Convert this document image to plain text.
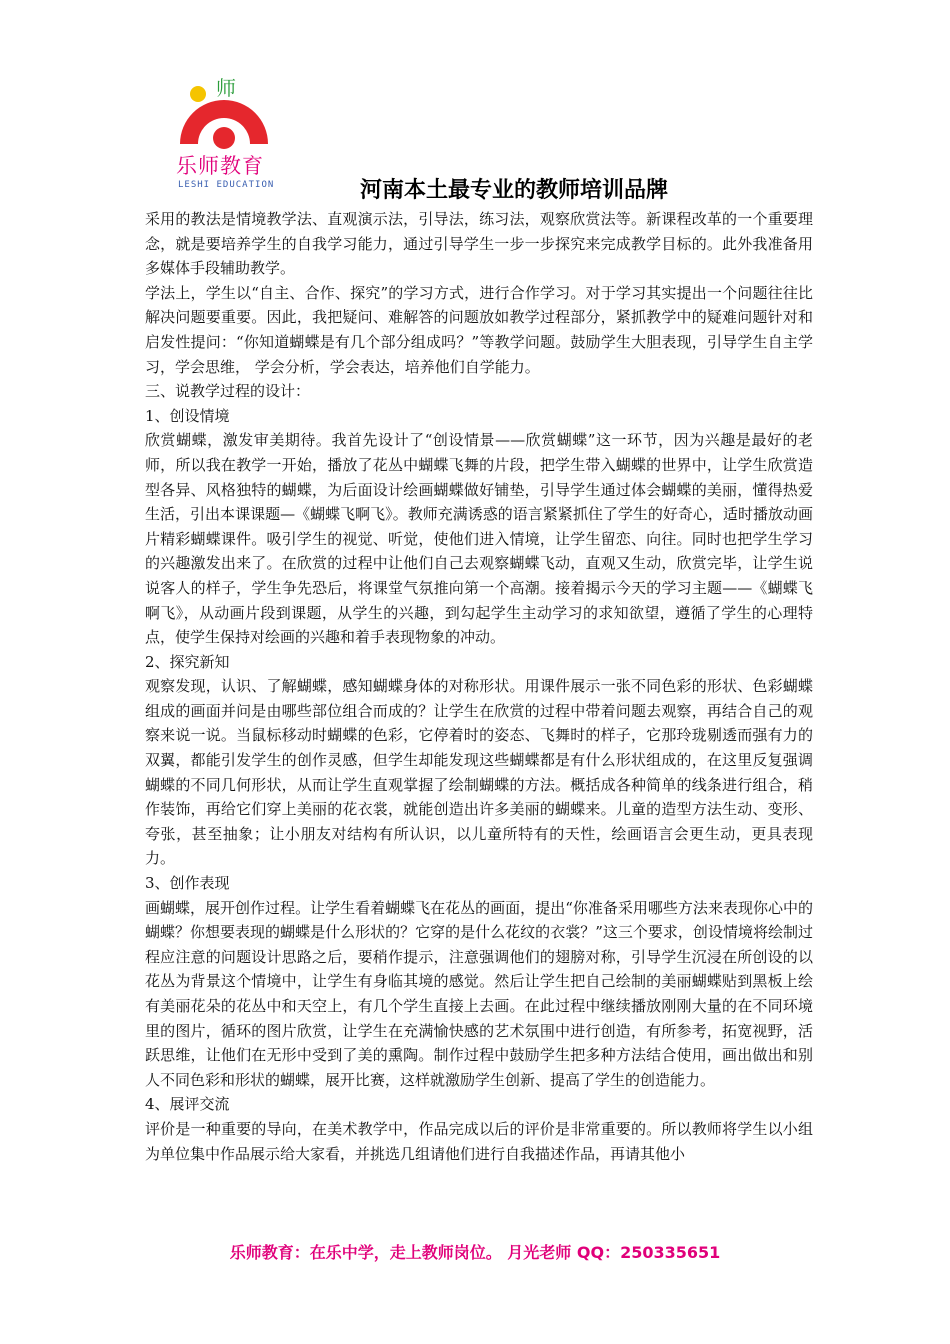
师
乐师教育
LESHI EDUCATION	河南本土最专业的教师培训品牌

采用的教法是情境教学法、直观演示法，引导法，练习法，观察欣赏法等。新课程改革的一个重要理念，就是要培养学生的自我学习能力，通过引导学生一步一步探究来完成教学目标的。此外我准备用多媒体手段辅助教学。

学法上，学生以“自主、合作、探究”的学习方式，进行合作学习。对于学习其实提出一个问题往往比解决问题要重要。因此，我把疑问、难解答的问题放如教学过程部分，紧抓教学中的疑难问题针对和启发性提问：“你知道蝴蝶是有几个部分组成吗？”等教学问题。鼓励学生大胆表现，引导学生自主学习，学会思维， 学会分析，学会表达，培养他们自学能力。

三、说教学过程的设计：

1、创设情境

欣赏蝴蝶，激发审美期待。我首先设计了“创设情景——欣赏蝴蝶”这一环节，因为兴趣是最好的老师，所以我在教学一开始，播放了花丛中蝴蝶飞舞的片段，把学生带入蝴蝶的世界中，让学生欣赏造型各异、风格独特的蝴蝶，为后面设计绘画蝴蝶做好铺垫，引导学生通过体会蝴蝶的美丽，懂得热爱生活，引出本课课题—《蝴蝶飞啊飞》。教师充满诱惑的语言紧紧抓住了学生的好奇心，适时播放动画片精彩蝴蝶课件。吸引学生的视觉、听觉，使他们进入情境，让学生留恋、向往。同时也把学生学习的兴趣激发出来了。在欣赏的过程中让他们自己去观察蝴蝶飞动，直观又生动，欣赏完毕，让学生说说客人的样子，学生争先恐后，将课堂气氛推向第一个高潮。接着揭示今天的学习主题——《蝴蝶飞啊飞》，从动画片段到课题，从学生的兴趣，到勾起学生主动学习的求知欲望，遵循了学生的心理特点，使学生保持对绘画的兴趣和着手表现物象的冲动。

2、探究新知

观察发现，认识、了解蝴蝶，感知蝴蝶身体的对称形状。用课件展示一张不同色彩的形状、色彩蝴蝶组成的画面并问是由哪些部位组合而成的？让学生在欣赏的过程中带着问题去观察，再结合自己的观察来说一说。当鼠标移动时蝴蝶的色彩，它停着时的姿态、飞舞时的样子，它那玲珑剔透而强有力的双翼，都能引发学生的创作灵感，但学生却能发现这些蝴蝶都是有什么形状组成的，在这里反复强调蝴蝶的不同几何形状，从而让学生直观掌握了绘制蝴蝶的方法。概括成各种简单的线条进行组合，稍作装饰，再给它们穿上美丽的花衣裳，就能创造出许多美丽的蝴蝶来。儿童的造型方法生动、变形、夸张，甚至抽象；让小朋友对结构有所认识，以儿童所特有的天性，绘画语言会更生动，更具表现力。

3、创作表现

画蝴蝶，展开创作过程。让学生看着蝴蝶飞在花丛的画面，提出“你准备采用哪些方法来表现你心中的蝴蝶？你想要表现的蝴蝶是什么形状的？它穿的是什么花纹的衣裳？”这三个要求，创设情境将绘制过程应注意的问题设计思路之后，要稍作提示，注意强调他们的翅膀对称，引导学生沉浸在所创设的以花丛为背景这个情境中，让学生有身临其境的感觉。然后让学生把自己绘制的美丽蝴蝶贴到黑板上绘有美丽花朵的花丛中和天空上，有几个学生直接上去画。在此过程中继续播放刚刚大量的在不同环境里的图片，循环的图片欣赏，让学生在充满愉快感的艺术氛围中进行创造，有所参考，拓宽视野，活跃思维，让他们在无形中受到了美的熏陶。制作过程中鼓励学生把多种方法结合使用，画出做出和别人不同色彩和形状的蝴蝶，展开比赛，这样就激励学生创新、提高了学生的创造能力。

4、展评交流

评价是一种重要的导向，在美术教学中，作品完成以后的评价是非常重要的。所以教师将学生以小组为单位集中作品展示给大家看，并挑选几组请他们进行自我描述作品，再请其他小

乐师教育：在乐中学，走上教师岗位。 月光老师 QQ：250335651
